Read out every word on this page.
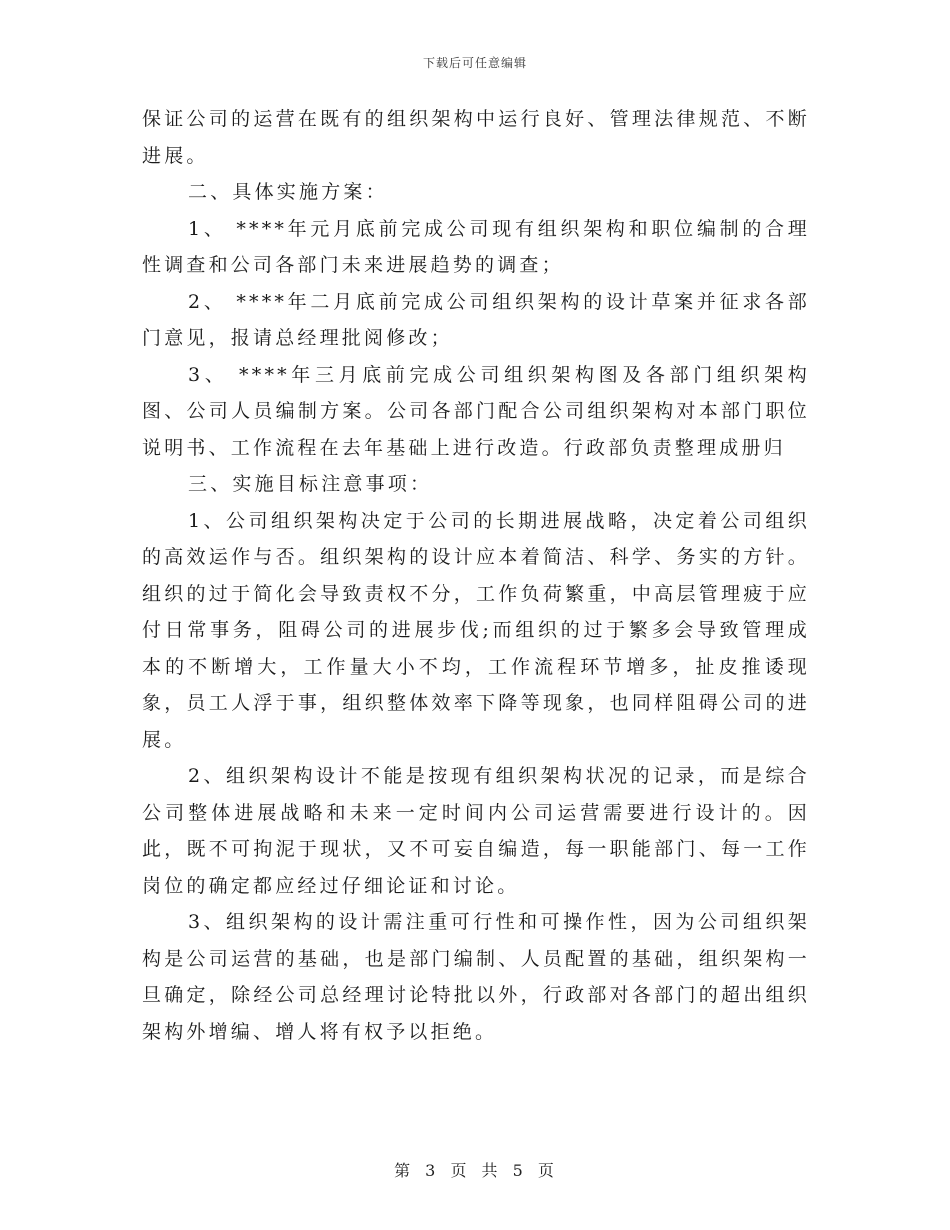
下载后可任意编辑

保证公司的运营在既有的组织架构中运行良好、管理法律规范、不断进展。

二、具体实施方案：

1、 ****年元月底前完成公司现有组织架构和职位编制的合理性调查和公司各部门未来进展趋势的调查；

2、 ****年二月底前完成公司组织架构的设计草案并征求各部门意见，报请总经理批阅修改；

3、 ****年三月底前完成公司组织架构图及各部门组织架构图、公司人员编制方案。公司各部门配合公司组织架构对本部门职位说明书、工作流程在去年基础上进行改造。行政部负责整理成册归

三、实施目标注意事项：

1、公司组织架构决定于公司的长期进展战略，决定着公司组织的高效运作与否。组织架构的设计应本着简洁、科学、务实的方针。组织的过于简化会导致责权不分，工作负荷繁重，中高层管理疲于应付日常事务，阻碍公司的进展步伐;而组织的过于繁多会导致管理成本的不断增大，工作量大小不均，工作流程环节增多，扯皮推诿现象，员工人浮于事，组织整体效率下降等现象，也同样阻碍公司的进展。

2、组织架构设计不能是按现有组织架构状况的记录，而是综合公司整体进展战略和未来一定时间内公司运营需要进行设计的。因此，既不可拘泥于现状，又不可妄自编造，每一职能部门、每一工作岗位的确定都应经过仔细论证和讨论。

3、组织架构的设计需注重可行性和可操作性，因为公司组织架构是公司运营的基础，也是部门编制、人员配置的基础，组织架构一旦确定，除经公司总经理讨论特批以外，行政部对各部门的超出组织架构外增编、增人将有权予以拒绝。

第 3 页 共 5 页
